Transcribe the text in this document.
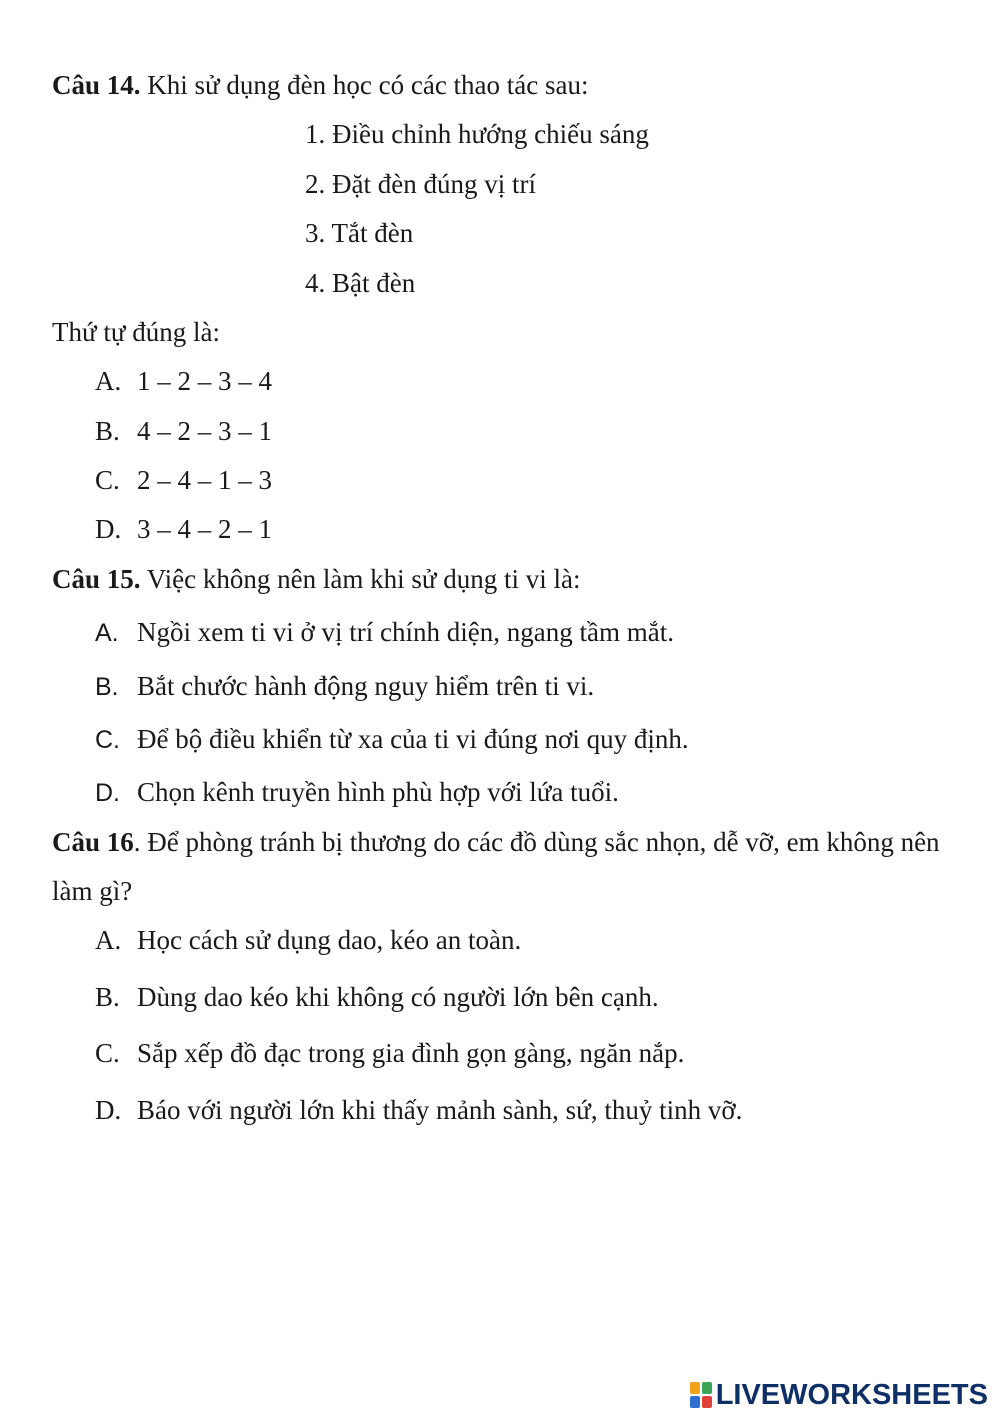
Câu 14. Khi sử dụng đèn học có các thao tác sau:
1. Điều chỉnh hướng chiếu sáng
2. Đặt đèn đúng vị trí
3. Tắt đèn
4. Bật đèn
Thứ tự đúng là:
A. 1 – 2 – 3 – 4
B. 4 – 2 – 3 – 1
C. 2 – 4 – 1 – 3
D. 3 – 4 – 2 – 1
Câu 15. Việc không nên làm khi sử dụng ti vi là:
A. Ngồi xem ti vi ở vị trí chính diện, ngang tầm mắt.
B. Bắt chước hành động nguy hiểm trên ti vi.
C. Để bộ điều khiển từ xa của ti vi đúng nơi quy định.
D. Chọn kênh truyền hình phù hợp với lứa tuổi.
Câu 16. Để phòng tránh bị thương do các đồ dùng sắc nhọn, dễ vỡ, em không nên
làm gì?
A. Học cách sử dụng dao, kéo an toàn.
B. Dùng dao kéo khi không có người lớn bên cạnh.
C. Sắp xếp đồ đạc trong gia đình gọn gàng, ngăn nắp.
D. Báo với người lớn khi thấy mảnh sành, sứ, thuỷ tinh vỡ.
LIVEWORKSHEETS
